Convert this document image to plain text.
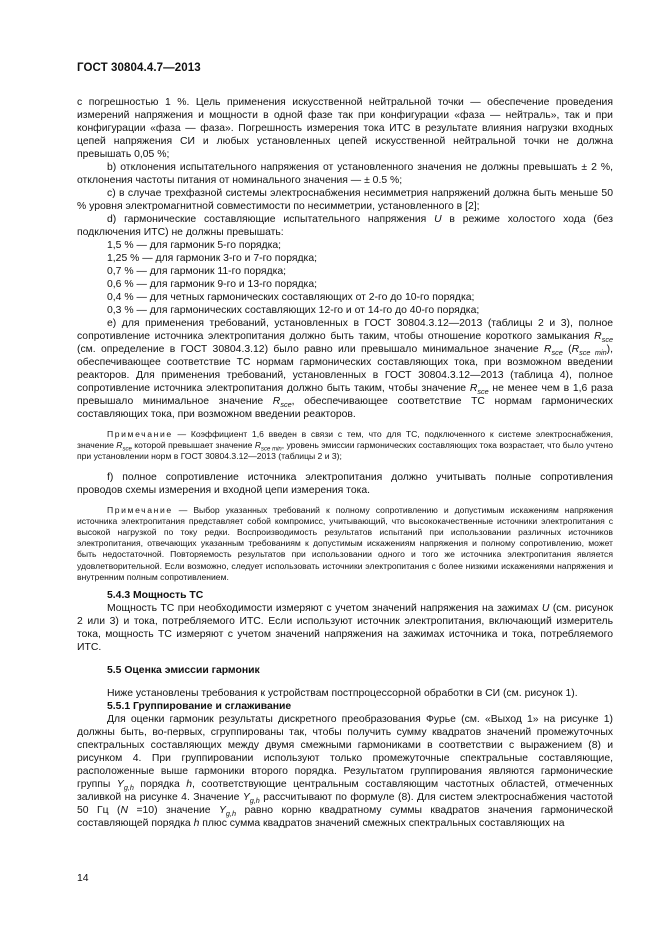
ГОСТ 30804.4.7—2013

с погрешностью 1 %. Цель применения искусственной нейтральной точки — обеспечение проведения измерений напряжения и мощности в одной фазе так при конфигурации «фаза — нейтраль», так и при конфигурации «фаза — фаза». Погрешность измерения тока ИТС в результате влияния нагрузки входных цепей напряжения СИ и любых установленных цепей искусственной нейтральной точки не должна превышать 0,05 %;

b) отклонения испытательного напряжения от установленного значения не должны превышать ± 2 %, отклонения частоты питания от номинального значения — ± 0.5 %;

c) в случае трехфазной системы электроснабжения несимметрия напряжений должна быть меньше 50 % уровня электромагнитной совместимости по несимметрии, установленного в [2];

d) гармонические составляющие испытательного напряжения U в режиме холостого хода (без подключения ИТС) не должны превышать:

1,5 % — для гармоник 5-го порядка;

1,25 % — для гармоник 3-го и 7-го порядка;

0,7 % — для гармоник 11-го порядка;

0,6 % — для гармоник 9-го и 13-го порядка;

0,4 % — для четных гармонических составляющих от 2-го до 10-го порядка;

0,3 % — для гармонических составляющих 12-го и от 14-го до 40-го порядка;

e) для применения требований, установленных в ГОСТ 30804.3.12—2013 (таблицы 2 и 3), полное сопротивление источника электропитания должно быть таким, чтобы отношение короткого замыкания $R_{sce}$ (см. определение в ГОСТ 30804.3.12) было равно или превышало минимальное значение $R_{sce}$ $(R_{sce min})$, обеспечивающее соответствие ТС нормам гармонических составляющих тока, при возможном введении реакторов. Для применения требований, установленных в ГОСТ 30804.3.12—2013 (таблица 4), полное сопротивление источника электропитания должно быть таким, чтобы значение $R_{sce}$ не менее чем в 1,6 раза превышало минимальное значение $R_{sce}$, обеспечивающее соответствие ТС нормам гармонических составляющих тока, при возможном введении реакторов.

Примечание — Коэффициент 1,6 введен в связи с тем, что для ТС, подключенного к системе электроснабжения, значение $R_{sce}$ которой превышает значение $R_{sce min}$, уровень эмиссии гармонических составляющих тока возрастает, что было учтено при установлении норм в ГОСТ 30804.3.12—2013 (таблицы 2 и 3);

f) полное сопротивление источника электропитания должно учитывать полные сопротивления проводов схемы измерения и входной цепи измерения тока.

Примечание — Выбор указанных требований к полному сопротивлению и допустимым искажениям напряжения источника электропитания представляет собой компромисс, учитывающий, что высококачественные источники электропитания с высокой нагрузкой по току редки. Воспроизводимость результатов испытаний при использовании различных источников электропитания, отвечающих указанным требованиям к допустимым искажениям напряжения и полному сопротивлению, может быть недостаточной. Повторяемость результатов при использовании одного и того же источника электропитания является удовлетворительной. Если возможно, следует использовать источники электропитания с более низкими искажениями напряжения и внутренним полным сопротивлением.

5.4.3 Мощность ТС

Мощность ТС при необходимости измеряют с учетом значений напряжения на зажимах U (см. рисунок 2 или 3) и тока, потребляемого ИТС. Если используют источник электропитания, включающий измеритель тока, мощность ТС измеряют с учетом значений напряжения на зажимах источника и тока, потребляемого ИТС.

5.5 Оценка эмиссии гармоник

Ниже установлены требования к устройствам постпроцессорной обработки в СИ (см. рисунок 1).

5.5.1 Группирование и сглаживание

Для оценки гармоник результаты дискретного преобразования Фурье (см. «Выход 1» на рисунке 1) должны быть, во-первых, сгруппированы так, чтобы получить сумму квадратов значений промежуточных спектральных составляющих между двумя смежными гармониками в соответствии с выражением (8) и рисунком 4. При группировании используют только промежуточные спектральные составляющие, расположенные выше гармоники второго порядка. Результатом группирования являются гармонические группы $Y_{g,h}$ порядка h, соответствующие центральным составляющим частотных областей, отмеченных заливкой на рисунке 4. Значение $Y_{g,h}$ рассчитывают по формуле (8). Для систем электроснабжения частотой 50 Гц (N =10) значение $Y_{g,h}$ равно корню квадратному суммы квадратов значения гармонической составляющей порядка h плюс сумма квадратов значений смежных спектральных составляющих на

14
